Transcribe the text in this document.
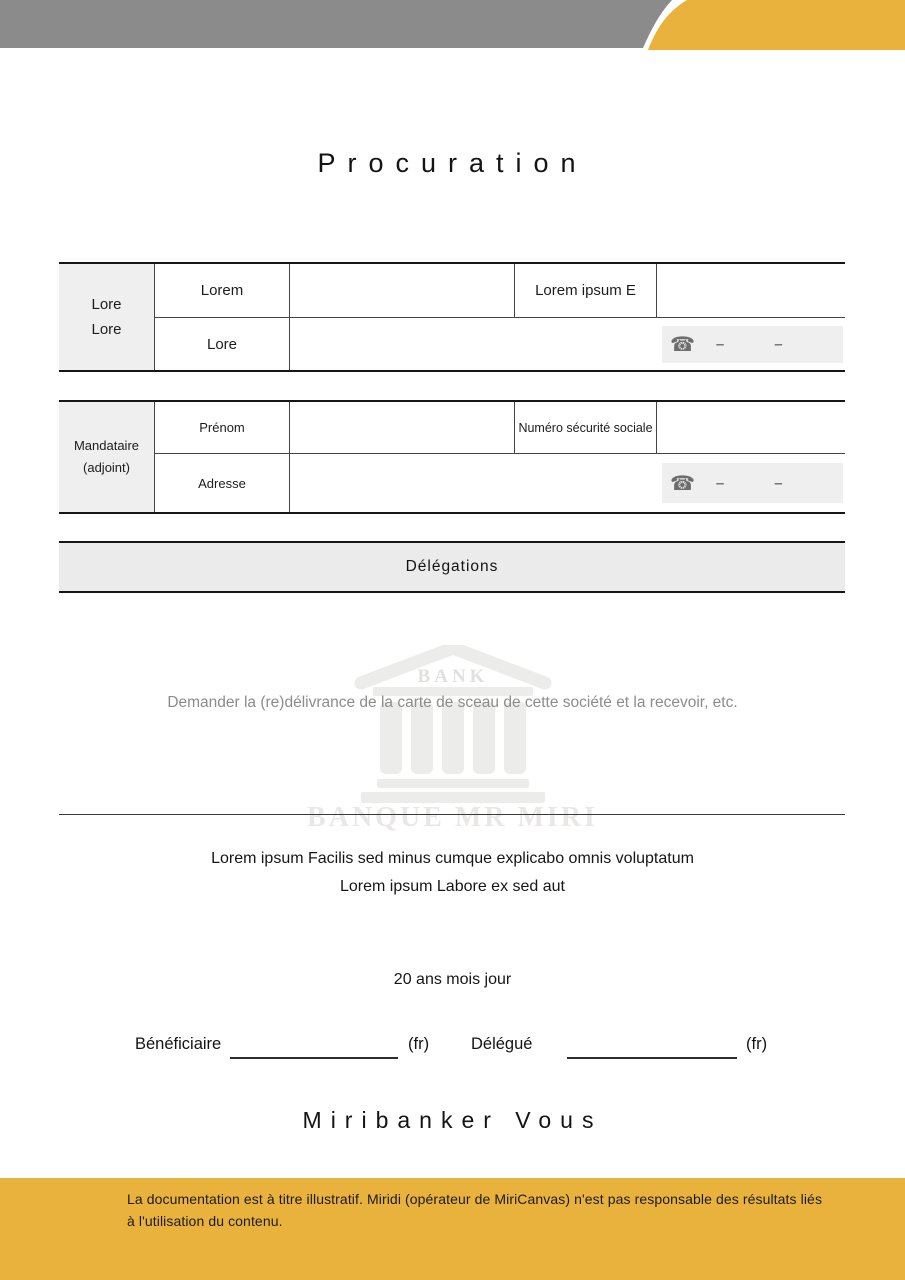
Procuration
Lore
Lore
Lorem	Lorem ipsum E
Lore	☎ –	–
Mandataire
(adjoint)
Prénom	Numéro sécurité sociale
Adresse	☎ –	–
Délégations
BANK
BANQUE MR MIRI
Demander la (re)délivrance de la carte de sceau de cette société et la recevoir, etc.
Lorem ipsum Facilis sed minus cumque explicabo omnis voluptatum
Lorem ipsum Labore ex sed aut
20 ans mois jour
Bénéficiaire	(fr)	Délégué	(fr)
Miribanker Vous
La documentation est à titre illustratif. Miridi (opérateur de MiriCanvas) n'est pas responsable des résultats liés
à l'utilisation du contenu.
